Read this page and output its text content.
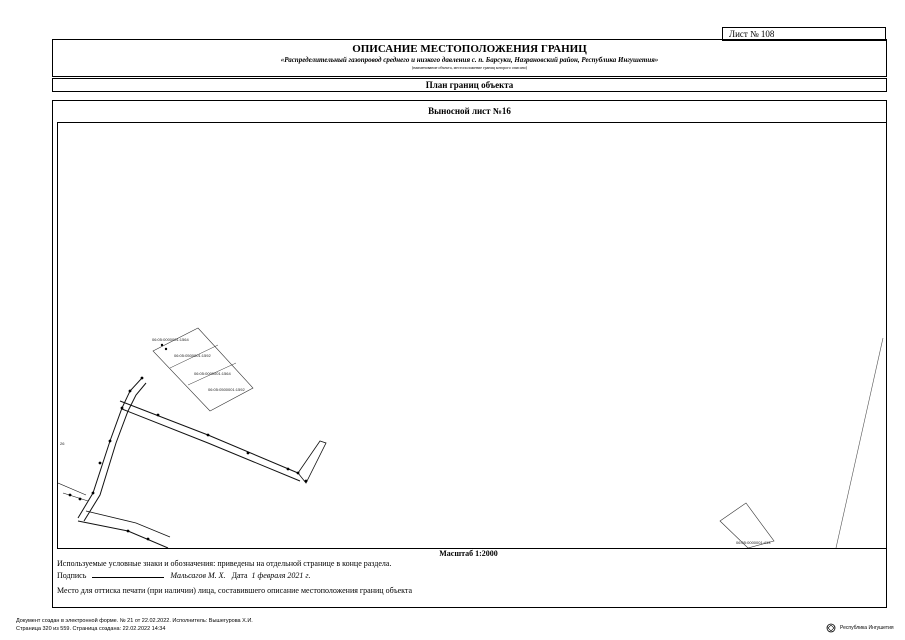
Лист № 108
ОПИСАНИЕ МЕСТОПОЛОЖЕНИЯ ГРАНИЦ
«Распределительный газопровод среднего и низкого давления с. п. Барсуки, Назрановский район, Республика Ингушетия»
(наименование объекта, местоположение границ которого описано)
План границ объекта
Выносной лист №16
06:05:0000001:1564
06:05:0500001:1592
06:05:0000001:1564
06:05:0500001:1592
26
06:05:0000001:413
Масштаб 1:2000
Используемые условные знаки и обозначения: приведены на отдельной странице в конце раздела.
Подпись	Мальсагов М. Х. Дата 1 февраля 2021 г.
Место для оттиска печати (при наличии) лица, составившего описание местоположения границ объекта
Документ создан в электронной форме. № 21 от 22.02.2022. Исполнитель: Вышегурова Х.И.
Страница 320 из 559. Страница создана: 22.02.2022 14:34	Республика Ингушетия
